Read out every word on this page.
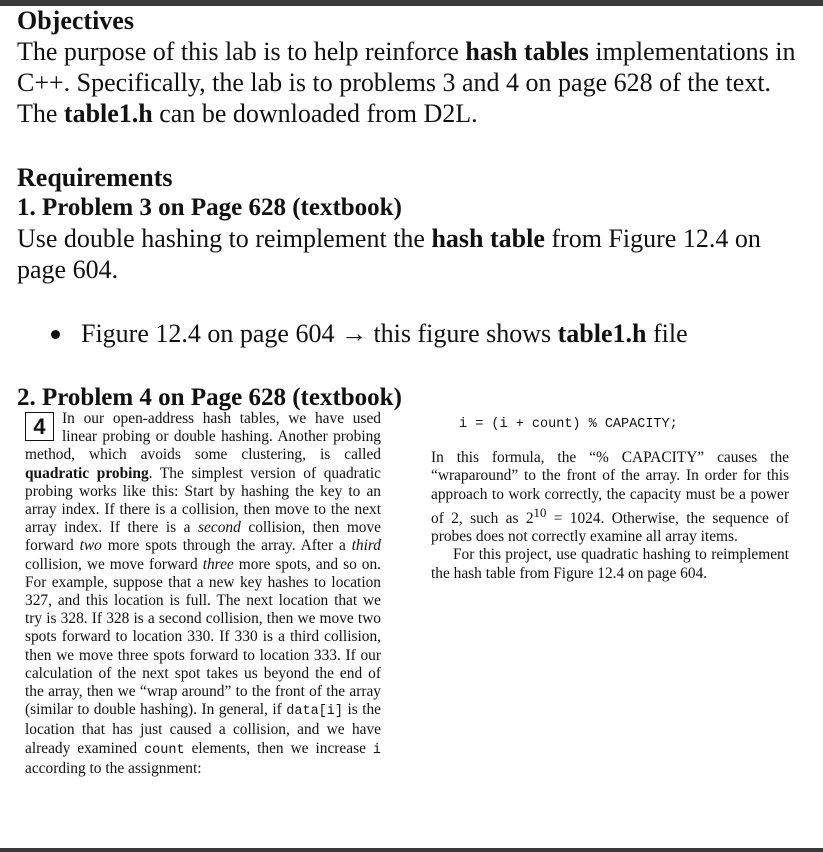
Objectives
The purpose of this lab is to help reinforce hash tables implementations in C++. Specifically, the lab is to problems 3 and 4 on page 628 of the text. The table1.h can be downloaded from D2L.
Requirements
1. Problem 3 on Page 628 (textbook)
Use double hashing to reimplement the hash table from Figure 12.4 on page 604.
Figure 12.4 on page 604 → this figure shows table1.h file
2. Problem 4 on Page 628 (textbook)
4	In our open-address hash tables, we have used linear probing or double hashing. Another probing method, which avoids some clustering, is called quadratic probing. The simplest version of quadratic probing works like this: Start by hashing the key to an array index. If there is a collision, then move to the next array index. If there is a second collision, then move forward two more spots through the array. After a third collision, we move forward three more spots, and so on. For example, suppose that a new key hashes to location 327, and this location is full. The next location that we try is 328. If 328 is a second collision, then we move two spots forward to location 330. If 330 is a third collision, then we move three spots forward to location 333. If our calculation of the next spot takes us beyond the end of the array, then we “wrap around” to the front of the array (similar to double hashing). In general, if data[i] is the location that has just caused a collision, and we have already examined count elements, then we increase i according to the assignment:
i = (i + count) % CAPACITY;
In this formula, the “% CAPACITY” causes the “wraparound” to the front of the array. In order for this approach to work correctly, the capacity must be a power of 2, such as $2^{10} = 1024$. Otherwise, the sequence of probes does not correctly examine all array items.
For this project, use quadratic hashing to reimplement the hash table from Figure 12.4 on page 604.
